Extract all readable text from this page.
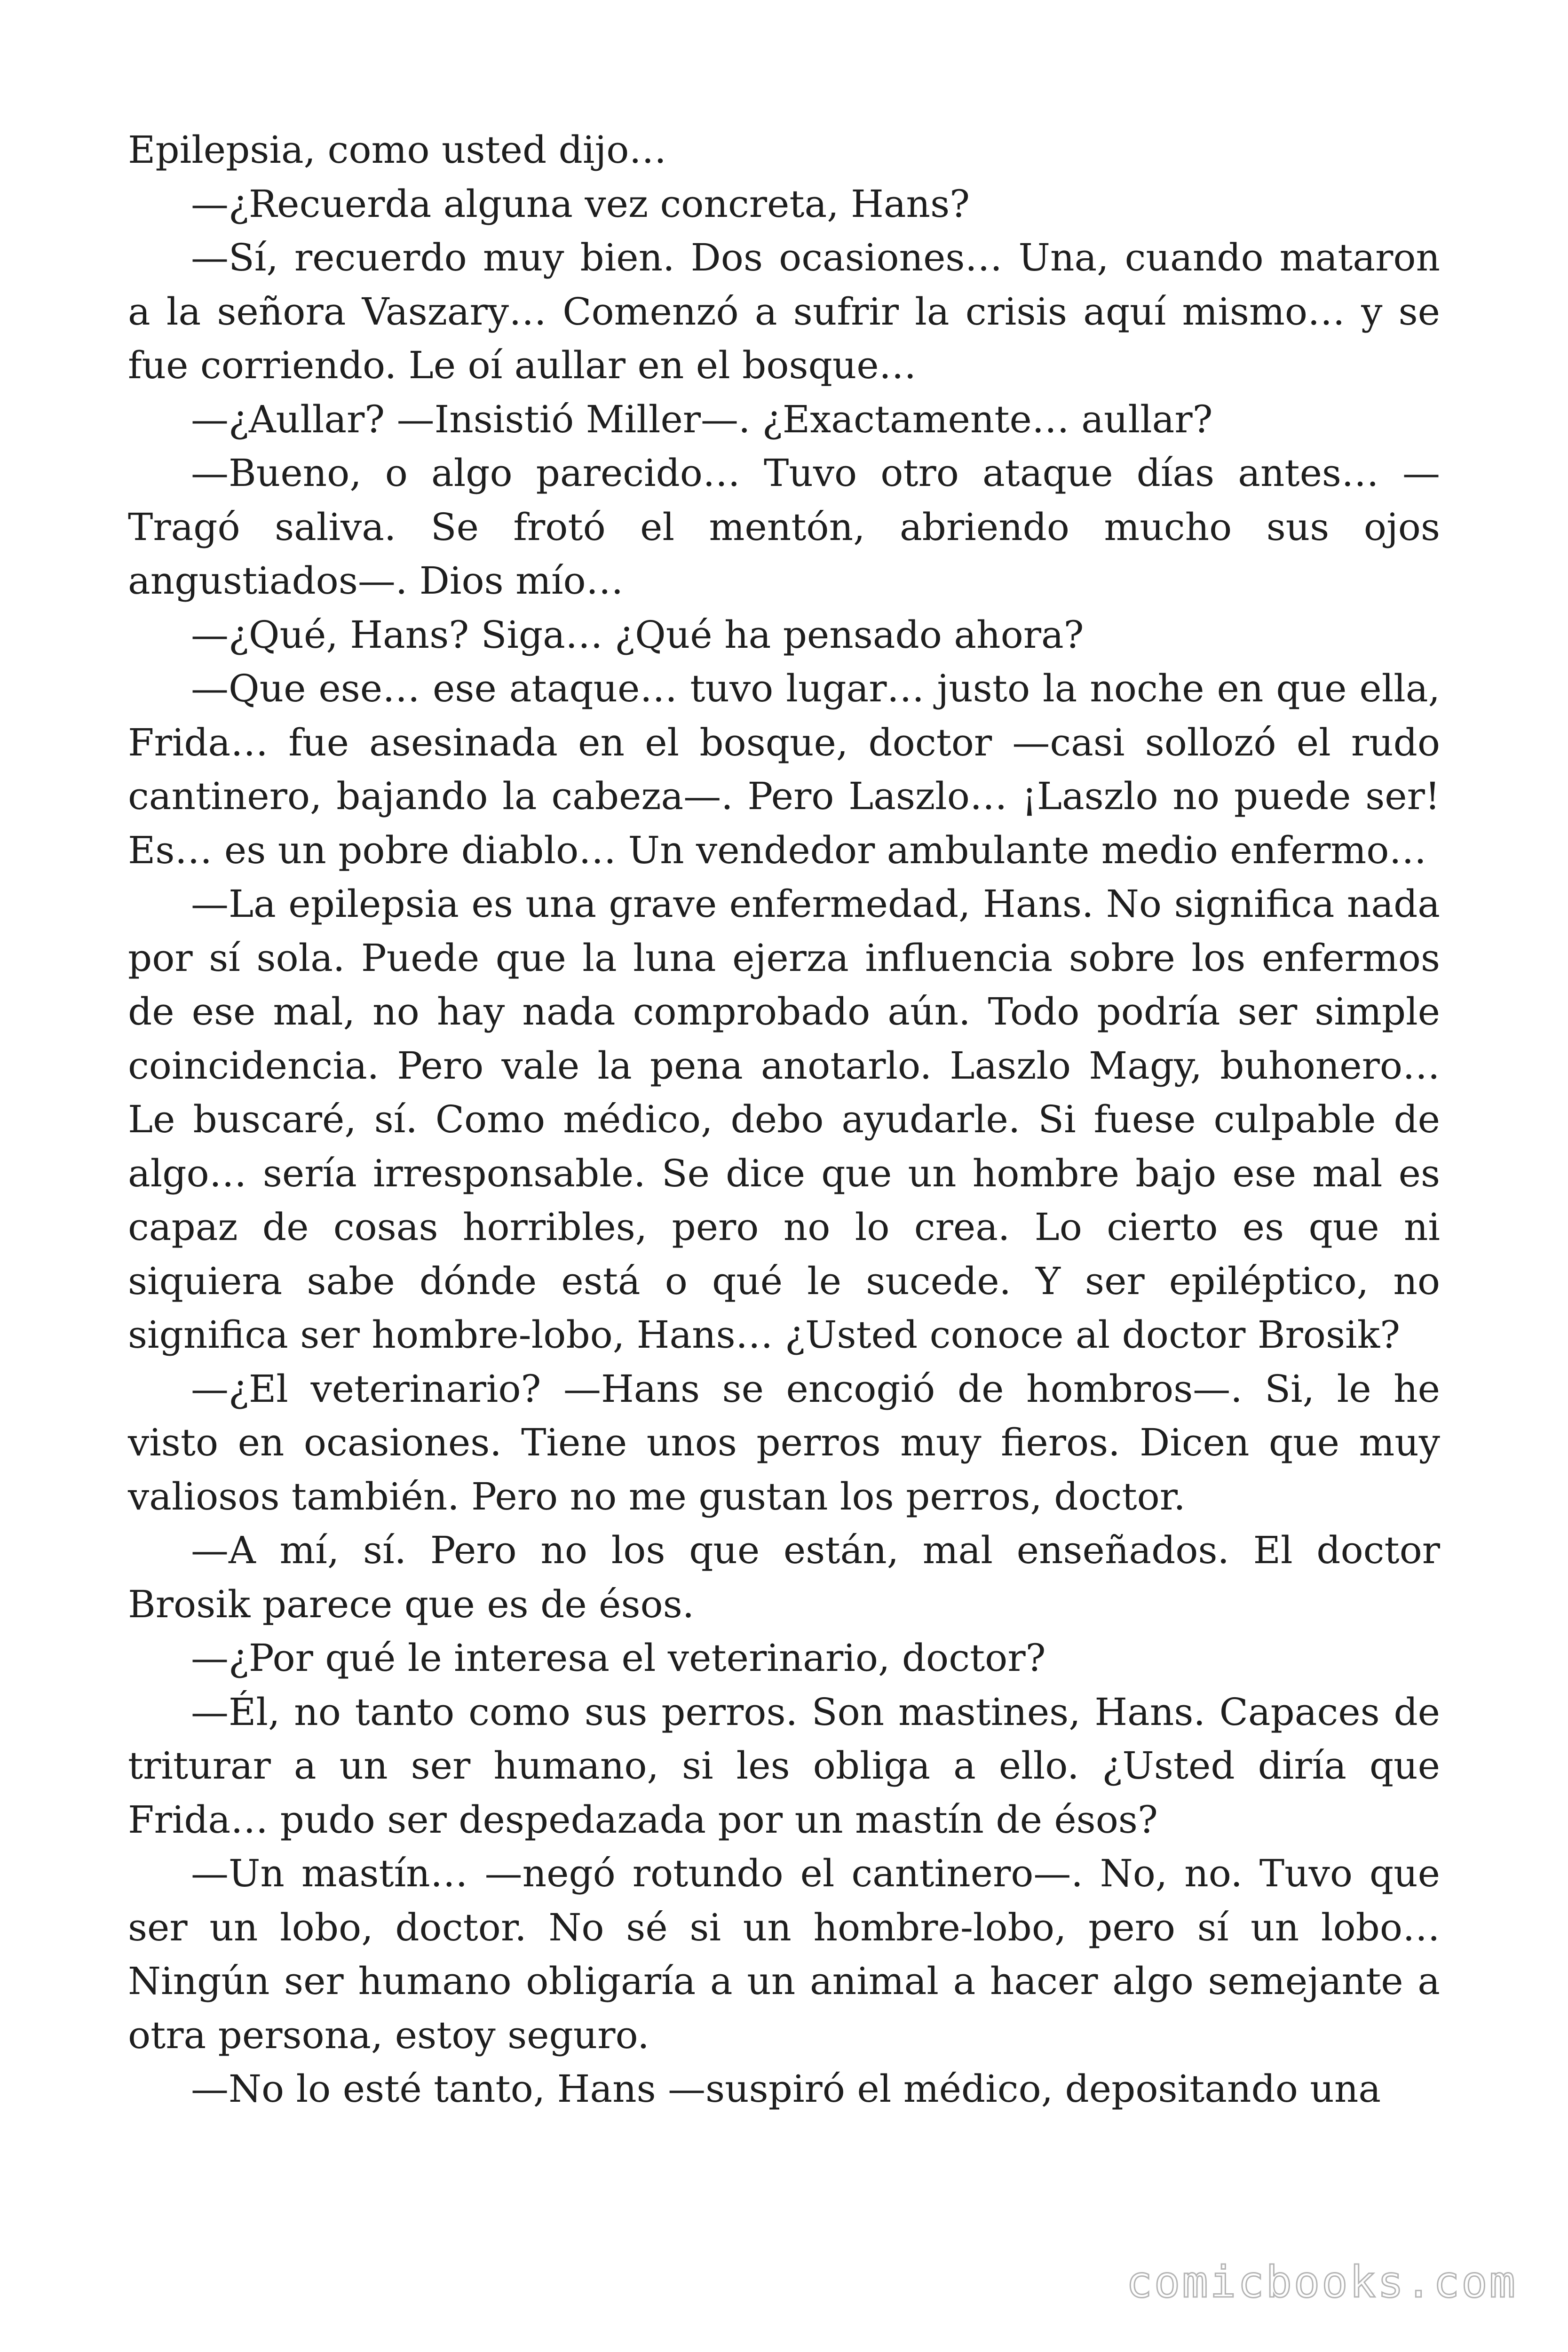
Epilepsia, como usted dijo…

—¿Recuerda alguna vez concreta, Hans?

—Sí, recuerdo muy bien. Dos ocasiones… Una, cuando mataron a la señora Vaszary… Comenzó a sufrir la crisis aquí mismo… y se fue corriendo. Le oí aullar en el bosque…

—¿Aullar? —Insistió Miller—. ¿Exactamente… aullar?

—Bueno, o algo parecido… Tuvo otro ataque días antes… —Tragó saliva. Se frotó el mentón, abriendo mucho sus ojos angustiados—. Dios mío…

—¿Qué, Hans? Siga… ¿Qué ha pensado ahora?

—Que ese… ese ataque… tuvo lugar… justo la noche en que ella, Frida… fue asesinada en el bosque, doctor —casi sollozó el rudo cantinero, bajando la cabeza—. Pero Laszlo… ¡Laszlo no puede ser! Es… es un pobre diablo… Un vendedor ambulante medio enfermo…

—La epilepsia es una grave enfermedad, Hans. No significa nada por sí sola. Puede que la luna ejerza influencia sobre los enfermos de ese mal, no hay nada comprobado aún. Todo podría ser simple coincidencia. Pero vale la pena anotarlo. Laszlo Magy, buhonero… Le buscaré, sí. Como médico, debo ayudarle. Si fuese culpable de algo… sería irresponsable. Se dice que un hombre bajo ese mal es capaz de cosas horribles, pero no lo crea. Lo cierto es que ni siquiera sabe dónde está o qué le sucede. Y ser epiléptico, no significa ser hombre-lobo, Hans… ¿Usted conoce al doctor Brosik?

—¿El veterinario? —Hans se encogió de hombros—. Si, le he visto en ocasiones. Tiene unos perros muy fieros. Dicen que muy valiosos también. Pero no me gustan los perros, doctor.

—A mí, sí. Pero no los que están, mal enseñados. El doctor Brosik parece que es de ésos.

—¿Por qué le interesa el veterinario, doctor?

—Él, no tanto como sus perros. Son mastines, Hans. Capaces de triturar a un ser humano, si les obliga a ello. ¿Usted diría que Frida… pudo ser despedazada por un mastín de ésos?

—Un mastín… —negó rotundo el cantinero—. No, no. Tuvo que ser un lobo, doctor. No sé si un hombre-lobo, pero sí un lobo… Ningún ser humano obligaría a un animal a hacer algo semejante a otra persona, estoy seguro.

—No lo esté tanto, Hans —suspiró el médico, depositando una

comicbooks.com
